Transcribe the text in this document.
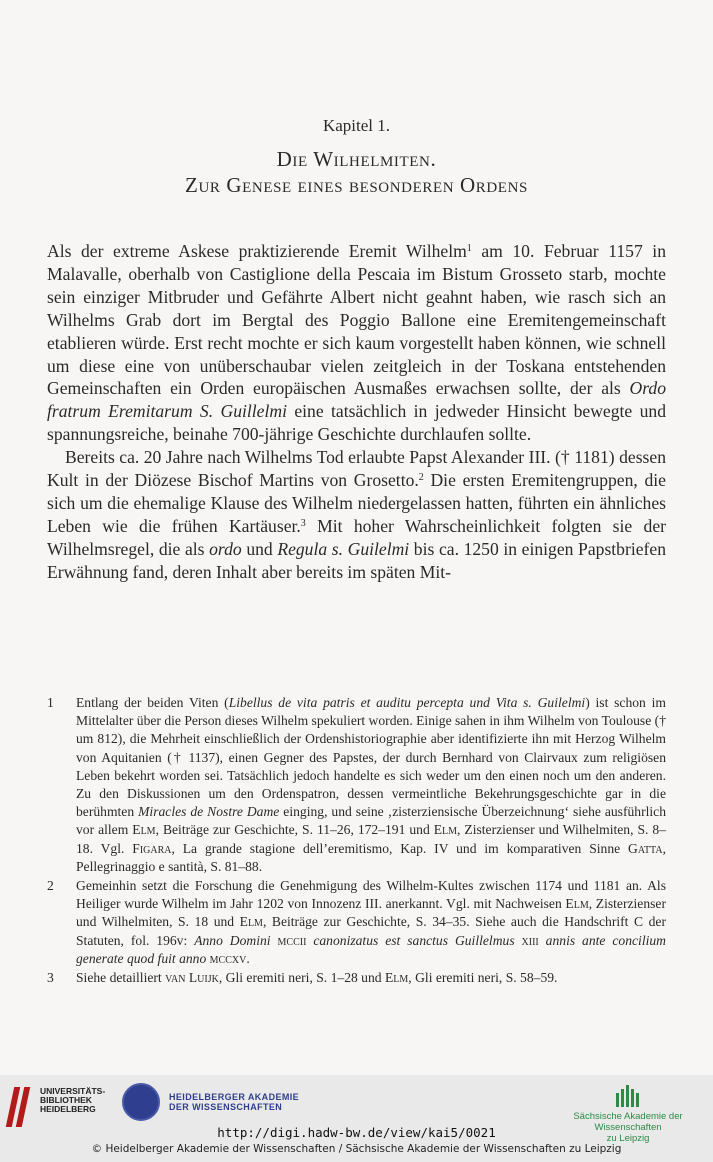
Kapitel 1.
Die Wilhelmiten.
Zur Genese eines besonderen Ordens

Als der extreme Askese praktizierende Eremit Wilhelm$^1$ am 10. Februar 1157 in Malavalle, oberhalb von Castiglione della Pescaia im Bistum Grosseto starb, mochte sein einziger Mitbruder und Gefährte Albert nicht geahnt haben, wie rasch sich an Wilhelms Grab dort im Bergtal des Poggio Ballone eine Eremitengemeinschaft etablieren würde. Erst recht mochte er sich kaum vorgestellt haben können, wie schnell um diese eine von unüberschaubar vielen zeitgleich in der Toskana entstehenden Gemeinschaften ein Orden europäischen Ausmaßes erwachsen sollte, der als Ordo fratrum Eremitarum S. Guillelmi eine tatsächlich in jedweder Hinsicht bewegte und spannungsreiche, beinahe 700-jährige Geschichte durchlaufen sollte.

Bereits ca. 20 Jahre nach Wilhelms Tod erlaubte Papst Alexander III. († 1181) dessen Kult in der Diözese Bischof Martins von Grosetto.$^2$ Die ersten Eremitengruppen, die sich um die ehemalige Klause des Wilhelm niedergelassen hatten, führten ein ähnliches Leben wie die frühen Kartäuser.$^3$ Mit hoher Wahrscheinlichkeit folgten sie der Wilhelmsregel, die als ordo und Regula s. Guilelmi bis ca. 1250 in einigen Papstbriefen Erwähnung fand, deren Inhalt aber bereits im späten Mit-

1 Entlang der beiden Viten (Libellus de vita patris et auditu percepta und Vita s. Guilelmi) ist schon im Mittelalter über die Person dieses Wilhelm spekuliert worden. Einige sahen in ihm Wilhelm von Toulouse († um 812), die Mehrheit einschließlich der Ordenshistoriographie aber identifizierte ihn mit Herzog Wilhelm von Aquitanien († 1137), einen Gegner des Papstes, der durch Bernhard von Clairvaux zum religiösen Leben bekehrt worden sei. Tatsächlich jedoch handelte es sich weder um den einen noch um den anderen. Zu den Diskussionen um den Ordenspatron, dessen vermeintliche Bekehrungsgeschichte gar in die berühmten Miracles de Nostre Dame einging, und seine ‚zisterziensische Überzeichnung‘ siehe ausführlich vor allem Elm, Beiträge zur Geschichte, S. 11–26, 172–191 und Elm, Zisterzienser und Wilhelmiten, S. 8–18. Vgl. Figara, La grande stagione dell’eremitismo, Kap. IV und im komparativen Sinne Gatta, Pellegrinaggio e santità, S. 81–88.
2 Gemeinhin setzt die Forschung die Genehmigung des Wilhelm-Kultes zwischen 1174 und 1181 an. Als Heiliger wurde Wilhelm im Jahr 1202 von Innozenz III. anerkannt. Vgl. mit Nachweisen Elm, Zisterzienser und Wilhelmiten, S. 18 und Elm, Beiträge zur Geschichte, S. 34–35. Siehe auch die Handschrift C der Statuten, fol. 196v: Anno Domini mccii canonizatus est sanctus Guillelmus xiii annis ante concilium generate quod fuit anno mccxv.
3 Siehe detailliert van Luijk, Gli eremiti neri, S. 1–28 und Elm, Gli eremiti neri, S. 58–59.
UNIVERSITÄTS-
BIBLIOTHEK
HEIDELBERG
HEIDELBERGER AKADEMIE
DER WISSENSCHAFTEN
Sächsische Akademie der Wissenschaften
zu Leipzig
http://digi.hadw-bw.de/view/kai5/0021
© Heidelberger Akademie der Wissenschaften / Sächsische Akademie der Wissenschaften zu Leipzig
